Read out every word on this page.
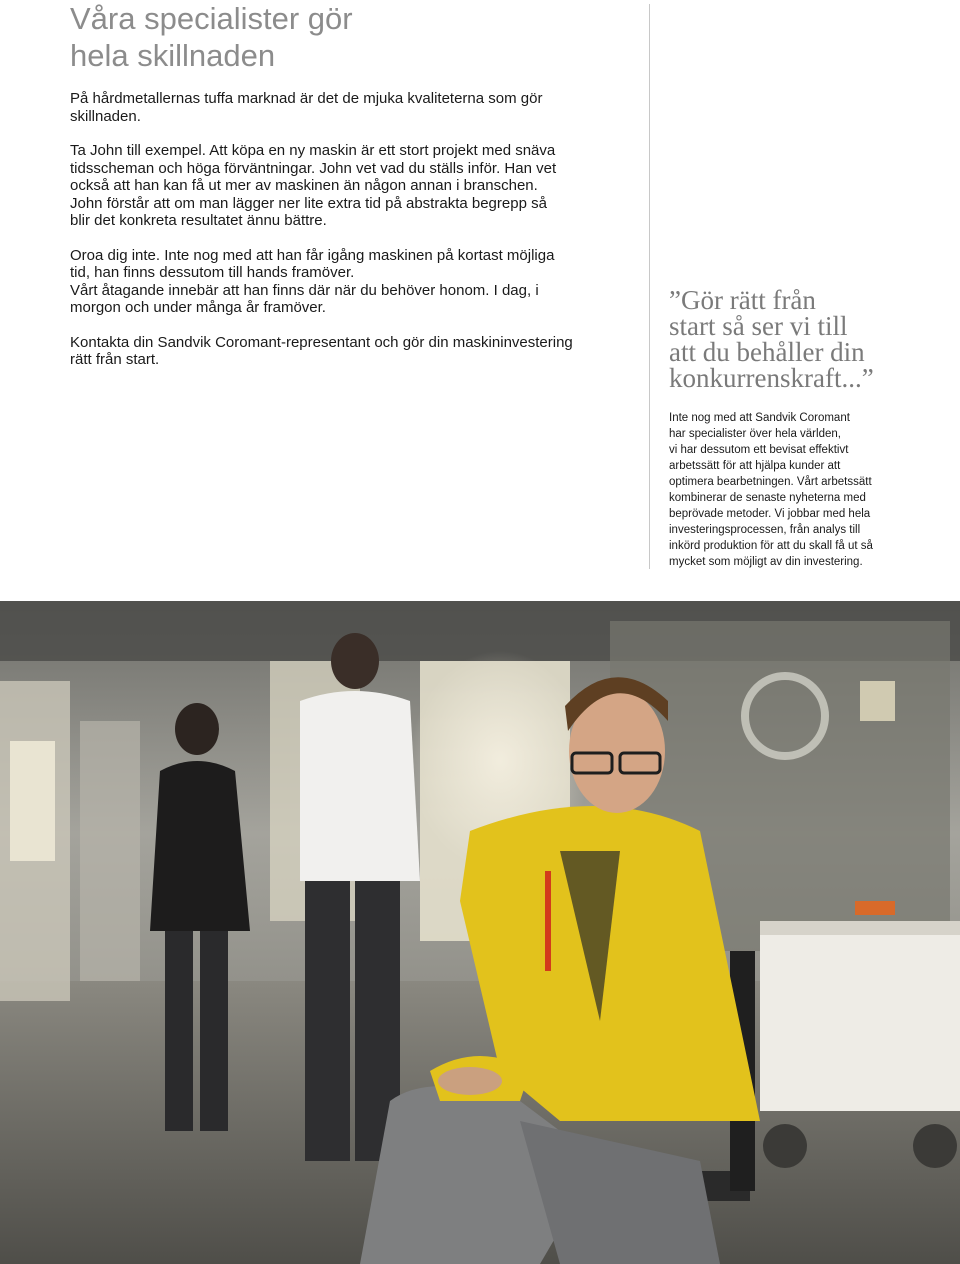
Våra specialister gör
hela skillnaden

På hårdmetallernas tuffa marknad är det de mjuka kvaliteterna som gör
skillnaden.

Ta John till exempel. Att köpa en ny maskin är ett stort projekt med snäva
tidsscheman och höga förväntningar. John vet vad du ställs inför. Han vet
också att han kan få ut mer av maskinen än någon annan i branschen.
John förstår att om man lägger ner lite extra tid på abstrakta begrepp så
blir det konkreta resultatet ännu bättre.

Oroa dig inte. Inte nog med att han får igång maskinen på kortast möjliga
tid, han finns dessutom till hands framöver.
Vårt åtagande innebär att han finns där när du behöver honom. I dag, i
morgon och under många år framöver.

Kontakta din Sandvik Coromant-representant och gör din maskininvestering
rätt från start.

”Gör rätt från
start så ser vi till
att du behåller din
konkurrenskraft...”
Inte nog med att Sandvik Coromant
har specialister över hela världen,
vi har dessutom ett bevisat effektivt
arbetssätt för att hjälpa kunder att
optimera bearbetningen. Vårt arbetssätt
kombinerar de senaste nyheterna med
beprövade metoder. Vi jobbar med hela
investeringsprocessen, från analys till
inkörd produktion för att du skall få ut så
mycket som möjligt av din investering.
